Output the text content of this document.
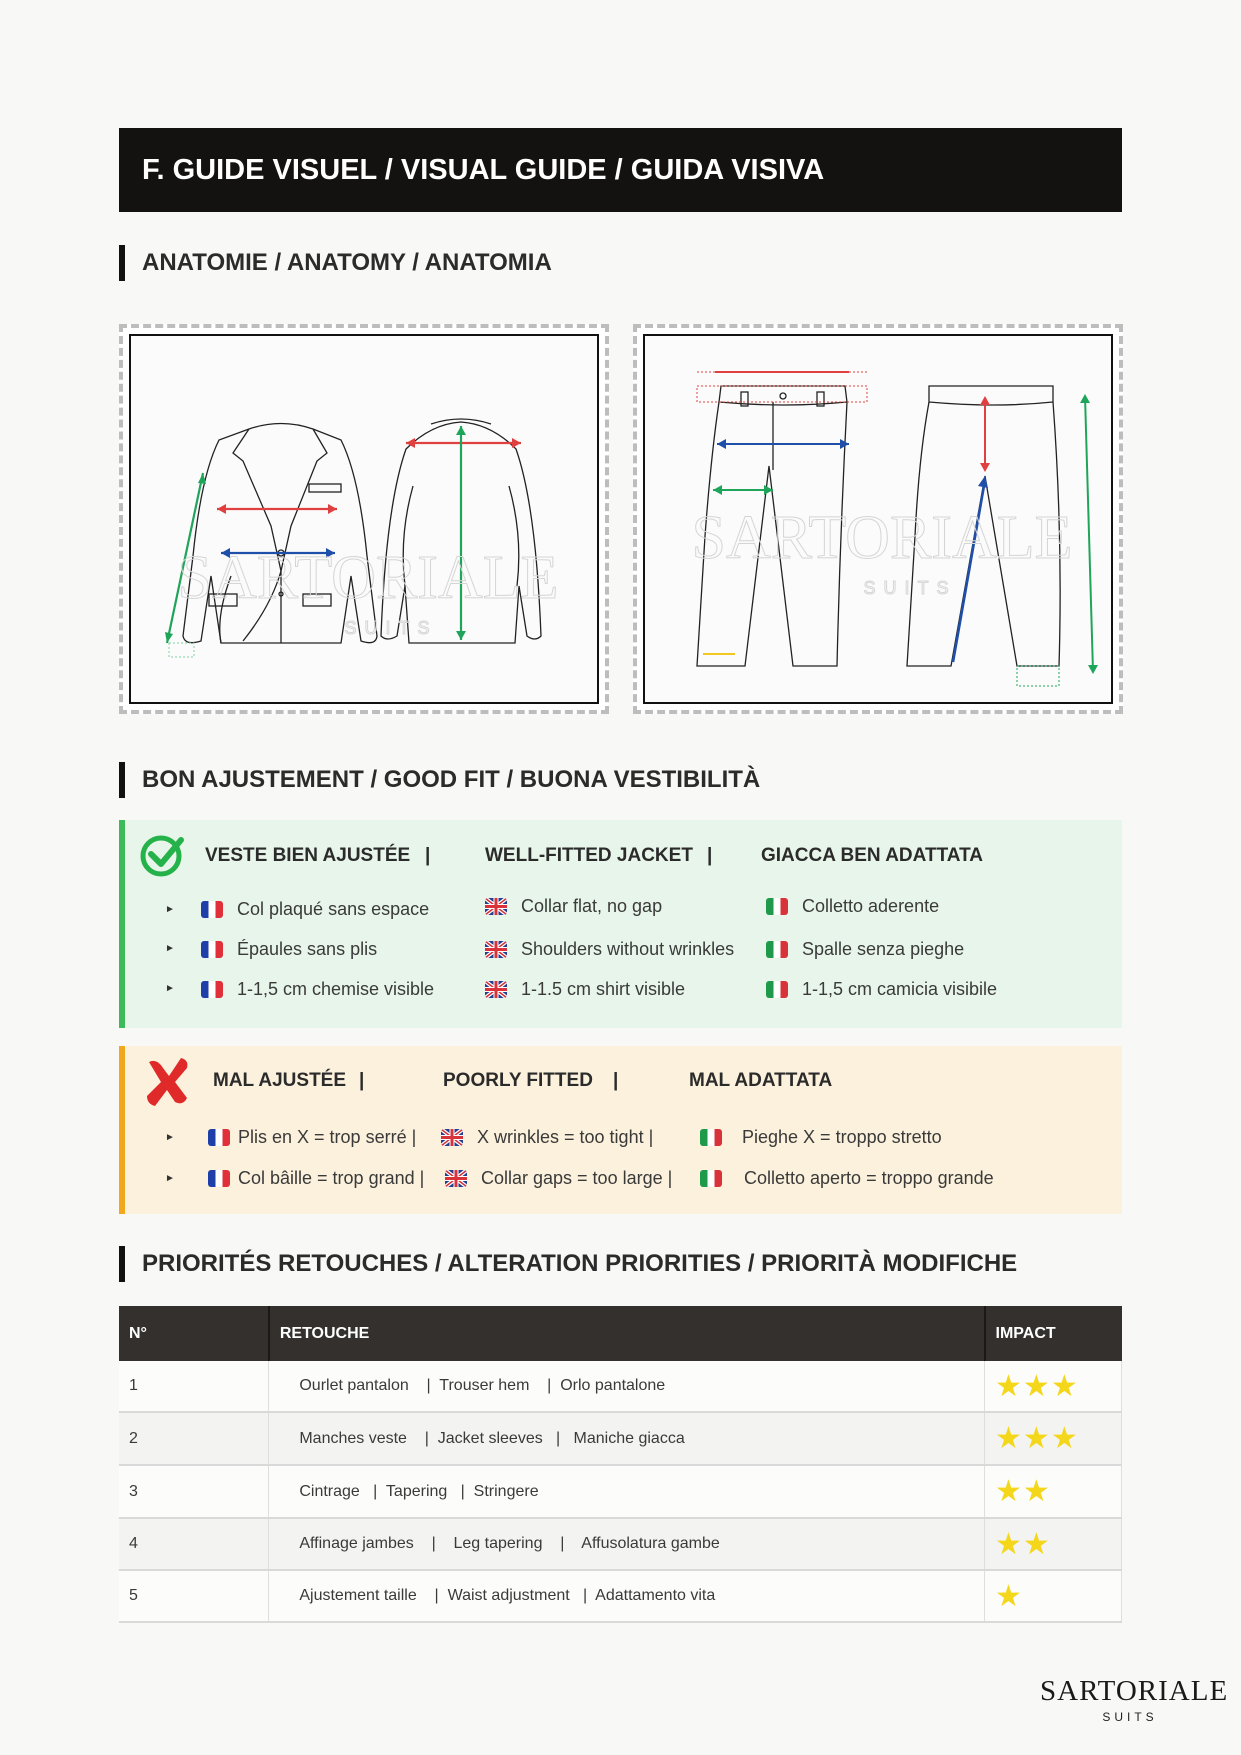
F. GUIDE VISUEL / VISUAL GUIDE / GUIDA VISIVA
ANATOMIE / ANATOMY / ANATOMIA
SARTORIALE
SUITS
SARTORIALE
SUITS
BON AJUSTEMENT / GOOD FIT / BUONA VESTIBILITÀ
VESTE BIEN AJUSTÉE |	WELL-FITTED JACKET |	GIACCA BEN ADATTATA
►	Col plaqué sans espace	Collar flat, no gap	Colletto aderente
►	Épaules sans plis	Shoulders without wrinkles	Spalle senza pieghe
►	1-1,5 cm chemise visible	1-1.5 cm shirt visible	1-1,5 cm camicia visibile
MAL AJUSTÉE |	POORLY FITTED |	MAL ADATTATA
►	Plis en X = trop serré |	X wrinkles = too tight |	Pieghe X = troppo stretto
►	Col bâille = trop grand |	Collar gaps = too large |	Colletto aperto = troppo grande
PRIORITÉS RETOUCHES / ALTERATION PRIORITIES / PRIORITÀ MODIFICHE
N°	RETOUCHE	IMPACT
1	Ourlet pantalon    |  Trouser hem    |  Orlo pantalone	★★★
2	Manches veste    |  Jacket sleeves   |   Maniche giacca	★★★
3	Cintrage   |  Tapering   |  Stringere	★★
4	Affinage jambes    |    Leg tapering    |    Affusolatura gambe	★★
5	Ajustement taille    |  Waist adjustment   |  Adattamento vita	★
SARTORIALE
SUITS
